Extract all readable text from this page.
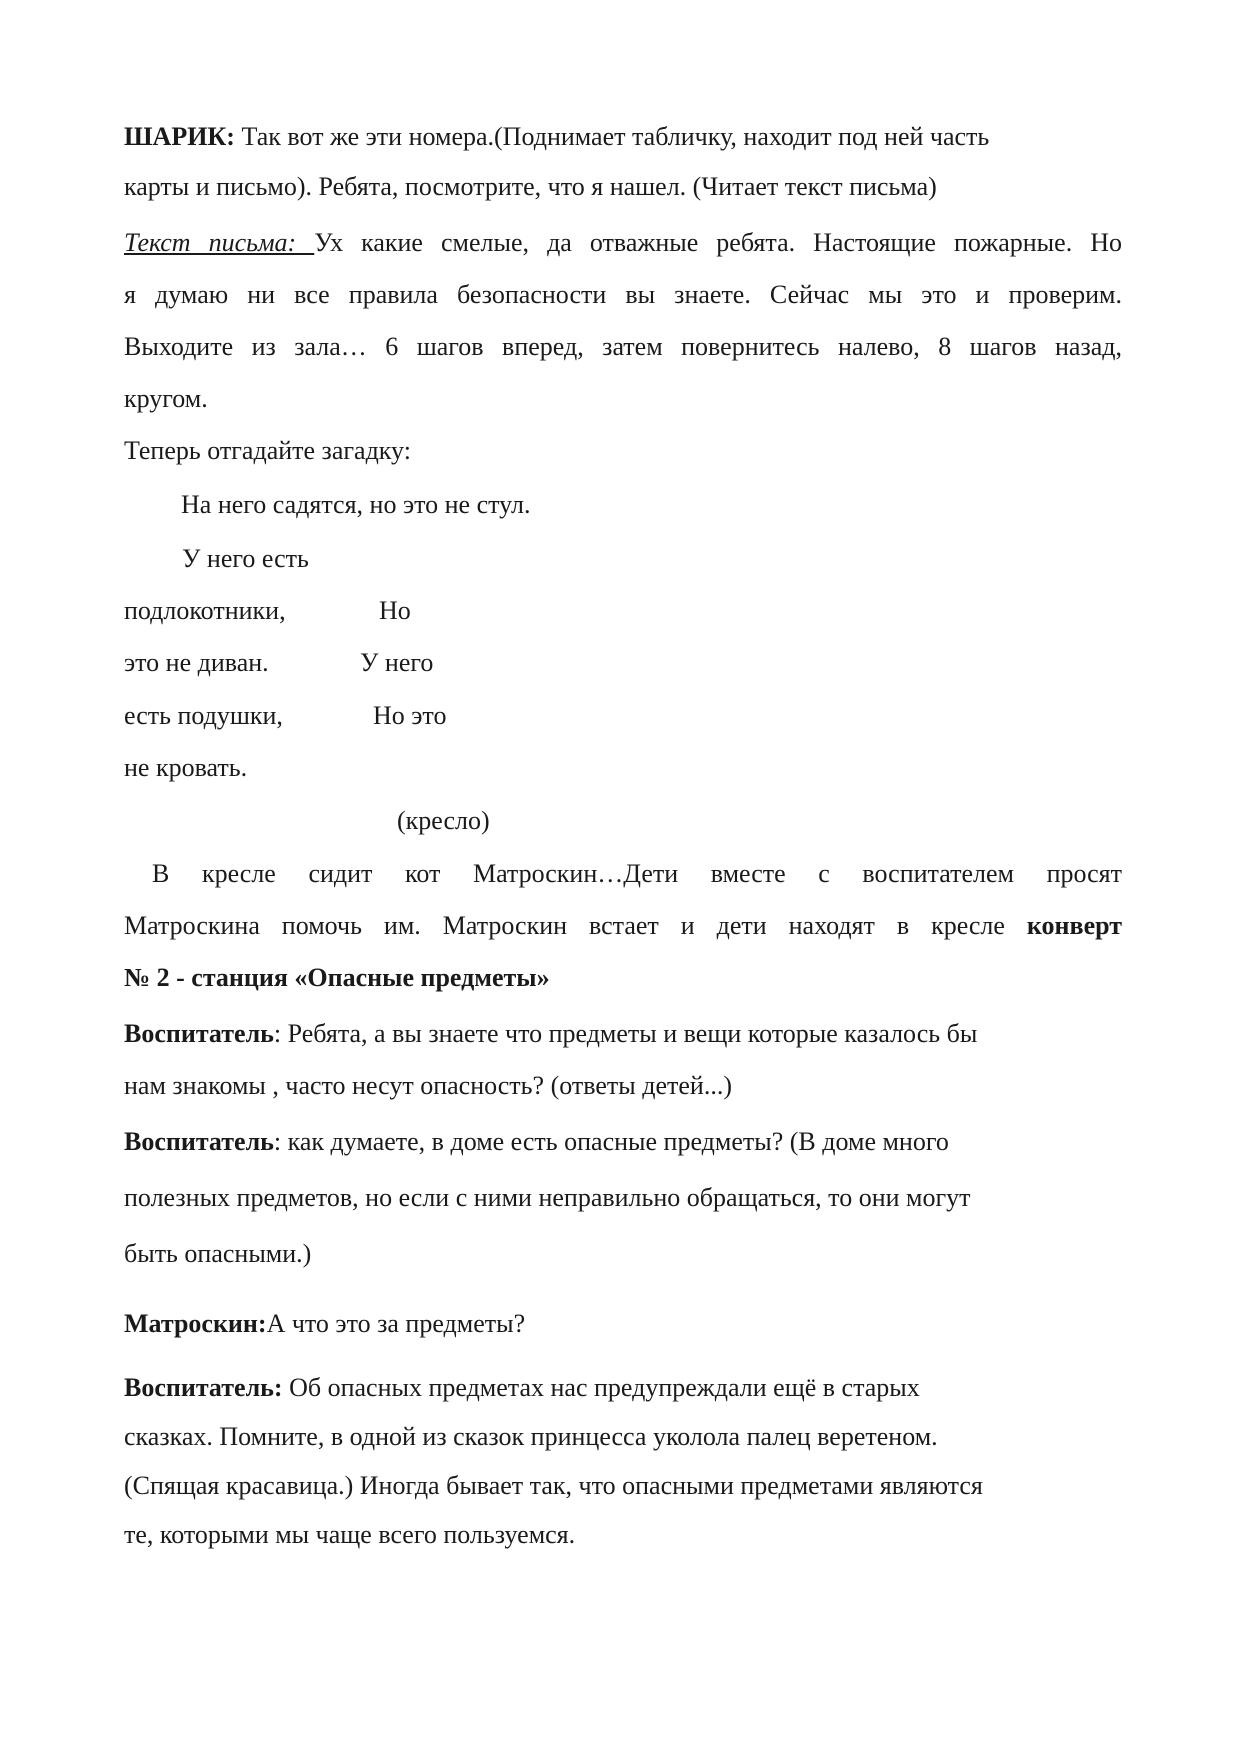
ШАРИК: Так вот же эти номера.(Поднимает табличку, находит под ней часть
карты и письмо). Ребята, посмотрите, что я нашел. (Читает текст письма)
Текст письма: Ух какие смелые, да отважные ребята. Настоящие пожарные. Но
я думаю ни все правила безопасности вы знаете. Сейчас мы это и проверим.
Выходите из зала… 6 шагов вперед, затем повернитесь налево, 8 шагов назад,
кругом.
Теперь отгадайте загадку:
На него садятся, но это не стул.
У него есть
подлокотники,	Но
это не диван.	У него
есть подушки,	Но это
не кровать.
(кресло)
В кресле сидит кот Матроскин…Дети вместе с воспитателем просят
Матроскина помочь им. Матроскин встает и дети находят в кресле конверт
№ 2 - станция «Опасные предметы»
Воспитатель: Ребята, а вы знаете что предметы и вещи которые казалось бы
нам знакомы , часто несут опасность? (ответы детей...)
Воспитатель: как думаете, в доме есть опасные предметы? (В доме много
полезных предметов, но если с ними неправильно обращаться, то они могут
быть опасными.)
Матроскин:А что это за предметы?
Воспитатель: Об опасных предметах нас предупреждали ещё в старых
сказках. Помните, в одной из сказок принцесса уколола палец веретеном.
(Спящая красавица.) Иногда бывает так, что опасными предметами являются
те, которыми мы чаще всего пользуемся.
